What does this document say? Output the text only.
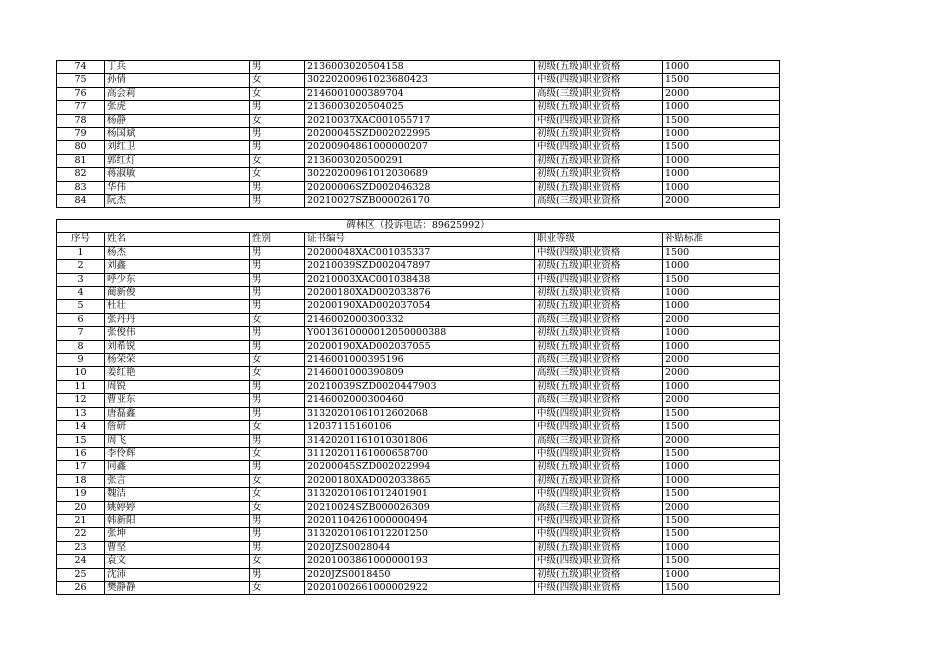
74	丁兵	男	2136003020504158	初级(五级)职业资格	1000
75	孙倩	女	30220200961023680423	中级(四级)职业资格	1500
76	高会莉	女	2146001000389704	高级(三级)职业资格	2000
77	张虎	男	2136003020504025	初级(五级)职业资格	1000
78	杨静	女	20210037XAC001055717	中级(四级)职业资格	1500
79	杨国斌	男	20200045SZD002022995	初级(五级)职业资格	1000
80	刘红卫	男	20200904861000000207	中级(四级)职业资格	1500
81	郭红灯	女	2136003020500291	初级(五级)职业资格	1000
82	蒋淑敏	女	30220200961012030689	初级(五级)职业资格	1000
83	华伟	男	20200006SZD002046328	初级(五级)职业资格	1000
84	阮杰	男	20210027SZB000026170	高级(三级)职业资格	2000
碑林区（投诉电话：89625992）					
序号	姓名	性别	证书编号	职业等级	补贴标准
1	杨杰	男	20200048XAC001035337	中级(四级)职业资格	1500
2	刘鑫	男	20210039SZD002047897	初级(五级)职业资格	1000
3	呼少东	男	20210003XAC001038438	中级(四级)职业资格	1500
4	蔺新俊	男	20200180XAD002033876	初级(五级)职业资格	1000
5	杜壮	男	20200190XAD002037054	初级(五级)职业资格	1000
6	张丹丹	女	2146002000300332	高级(三级)职业资格	2000
7	张俊伟	男	Y0013610000012050000388	初级(五级)职业资格	1000
8	刘希锐	男	20200190XAD002037055	初级(五级)职业资格	1000
9	杨荣荣	女	2146001000395196	高级(三级)职业资格	2000
10	姜红艳	女	2146001000390809	高级(三级)职业资格	2000
11	周锐	男	20210039SZD0020447903	初级(五级)职业资格	1000
12	曹亚东	男	2146002000300460	高级(三级)职业资格	2000
13	唐磊鑫	男	31320201061012602068	中级(四级)职业资格	1500
14	詹研	女	12037115160106	中级(四级)职业资格	1500
15	周飞	男	31420201161010301806	高级(三级)职业资格	2000
16	李伶辉	女	31120201161000658700	中级(四级)职业资格	1500
17	同鑫	男	20200045SZD002022994	初级(五级)职业资格	1000
18	张言	女	20200180XAD002033865	初级(五级)职业资格	1000
19	魏洁	女	31320201061012401901	中级(四级)职业资格	1500
20	姚婷婷	女	20210024SZB000026309	高级(三级)职业资格	2000
21	韩新阳	男	20201104261000000494	中级(四级)职业资格	1500
22	张坤	男	31320201061012201250	中级(四级)职业资格	1500
23	曹坚	男	2020JZS0028044	初级(五级)职业资格	1000
24	袁文	女	20201003861000000193	中级(四级)职业资格	1500
25	沈沛	男	2020JZS0018450	初级(五级)职业资格	1000
26	樊静静	女	20201002661000002922	中级(四级)职业资格	1500
